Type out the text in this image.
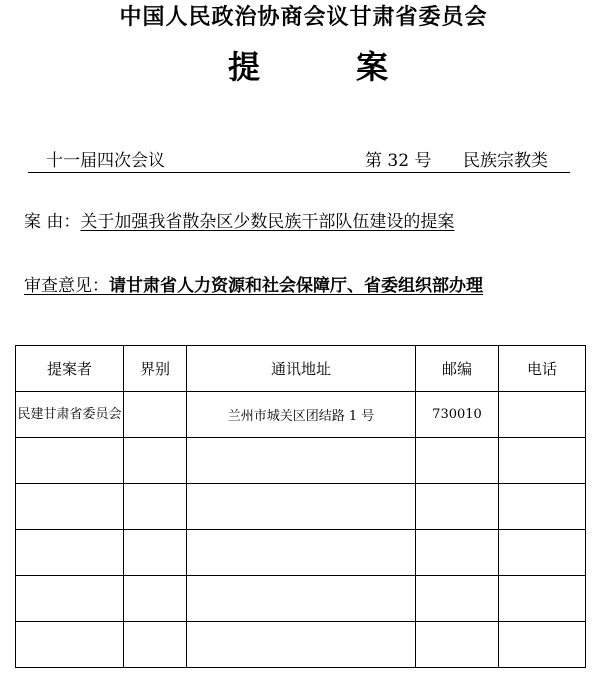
中国人民政治协商会议甘肃省委员会
提	案
十一届四次会议	第 32 号 民族宗教类
案 由：关于加强我省散杂区少数民族干部队伍建设的提案
审查意见：请甘肃省人力资源和社会保障厅、省委组织部办理
提案者	界别	通讯地址	邮编	电话
民建甘肃省委员会		兰州市城关区团结路 1 号	730010	
